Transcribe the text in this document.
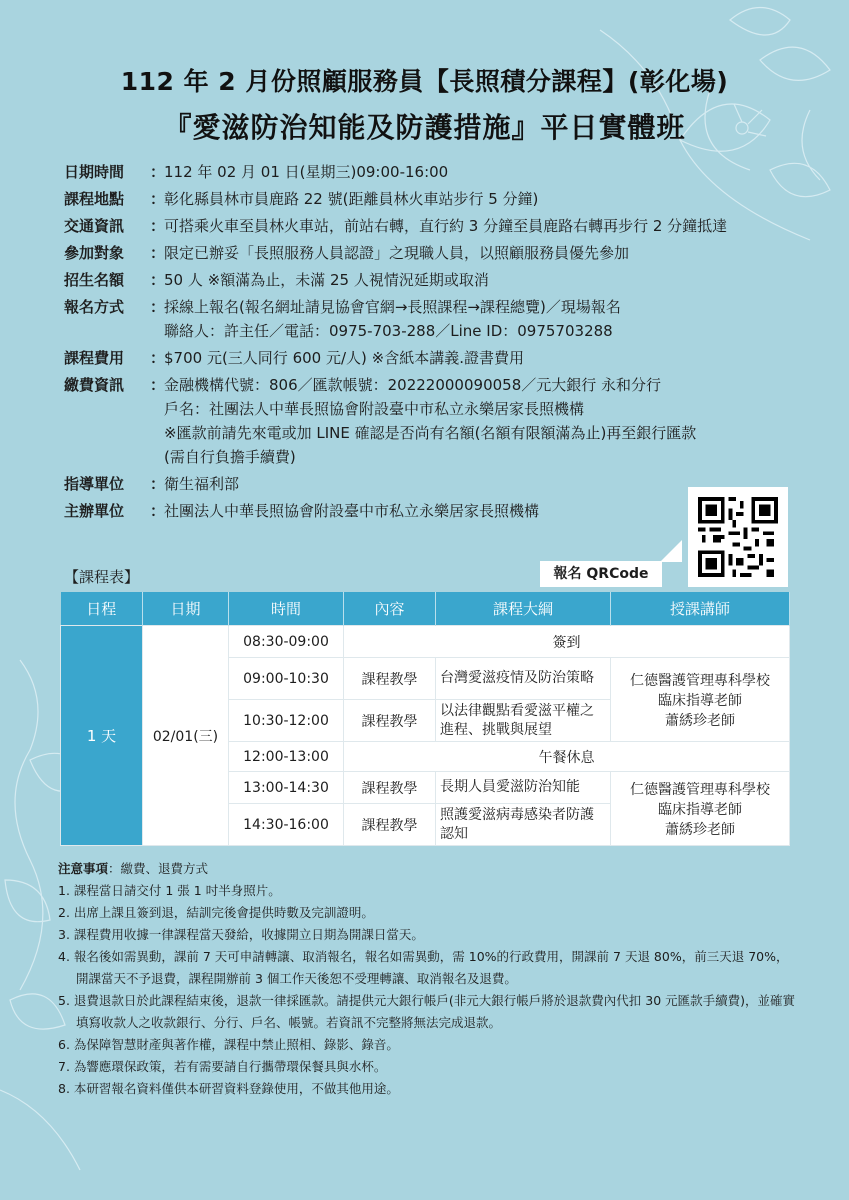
112 年 2 月份照顧服務員【長照積分課程】(彰化場)
『愛滋防治知能及防護措施』平日實體班
日期時間	：
112 年 02 月 01 日(星期三)09:00-16:00
課程地點	：
彰化縣員林市員鹿路 22 號(距離員林火車站步行 5 分鐘)
交通資訊	：
可搭乘火車至員林火車站，前站右轉，直行約 3 分鐘至員鹿路右轉再步行 2 分鐘抵達
參加對象	：
限定已辦妥「長照服務人員認證」之現職人員，以照顧服務員優先參加
招生名額	：
50 人 ※額滿為止，未滿 25 人視情況延期或取消
報名方式	：
採線上報名(報名網址請見協會官網→長照課程→課程總覽)／現場報名
聯絡人：許主任／電話：0975-703-288／Line ID：0975703288
課程費用	：
$700 元(三人同行 600 元/人) ※含紙本講義.證書費用
繳費資訊	：
金融機構代號：806／匯款帳號：20222000090058／元大銀行 永和分行
戶名：社團法人中華長照協會附設臺中市私立永樂居家長照機構
※匯款前請先來電或加 LINE 確認是否尚有名額(名額有限額滿為止)再至銀行匯款
(需自行負擔手續費)
指導單位	：
衛生福利部
主辦單位	：
社團法人中華長照協會附設臺中市私立永樂居家長照機構
報名 QRCode
【課程表】
日程	日期	時間	內容	課程大綱	授課講師
1 天	02/01(三)	08:30-09:00	簽到		
		09:00-10:30	課程教學	台灣愛滋疫情及防治策略	仁德醫護管理專科學校
臨床指導老師
蕭綉珍老師

		10:30-12:00	課程教學	以法律觀點看愛滋平權之進程、挑戰與展望	
		12:00-13:00	午餐休息		
		13:00-14:30	課程教學	長期人員愛滋防治知能	仁德醫護管理專科學校
臨床指導老師
蕭綉珍老師

		14:30-16:00	課程教學	照護愛滋病毒感染者防護認知	
注意事項：繳費、退費方式
1. 課程當日請交付 1 張 1 吋半身照片。
2. 出席上課且簽到退，結訓完後會提供時數及完訓證明。
3. 課程費用收據一律課程當天發給，收據開立日期為開課日當天。
4. 報名後如需異動，課前 7 天可申請轉讓、取消報名，報名如需異動，需 10%的行政費用，開課前 7 天退 80%，前三天退 70%，開課當天不予退費，課程開辦前 3 個工作天後恕不受理轉讓、取消報名及退費。
5. 退費退款日於此課程結束後，退款一律採匯款。請提供元大銀行帳戶(非元大銀行帳戶將於退款費內代扣 30 元匯款手續費)，並確實填寫收款人之收款銀行、分行、戶名、帳號。若資訊不完整將無法完成退款。
6. 為保障智慧財產與著作權，課程中禁止照相、錄影、錄音。
7. 為響應環保政策，若有需要請自行攜帶環保餐具與水杯。
8. 本研習報名資料僅供本研習資料登錄使用，不做其他用途。
